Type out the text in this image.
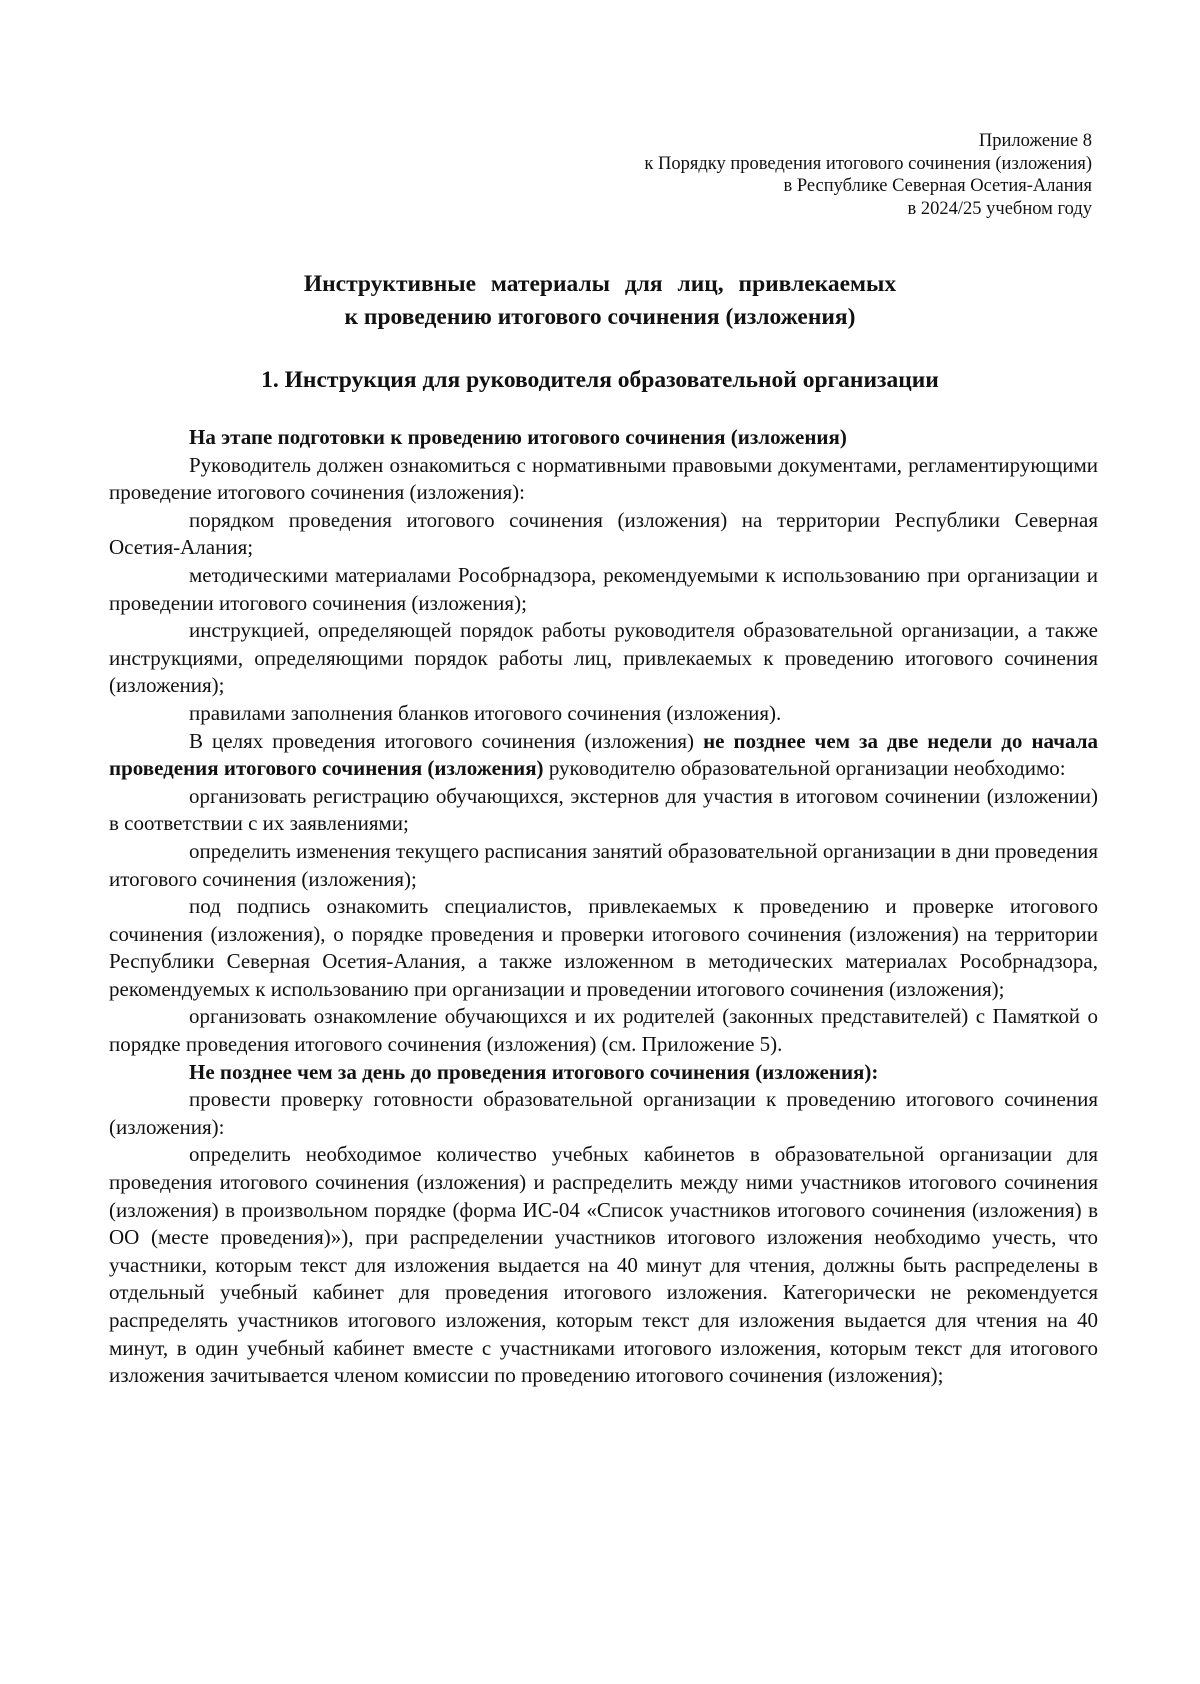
Приложение 8
к Порядку проведения итогового сочинения (изложения)
в Республике Северная Осетия-Алания
в 2024/25 учебном году
Инструктивные материалы для лиц, привлекаемых
к проведению итогового сочинения (изложения)
1. Инструкция для руководителя образовательной организации

На этапе подготовки к проведению итогового сочинения (изложения)

Руководитель должен ознакомиться с нормативными правовыми документами, регламентирующими проведение итогового сочинения (изложения):

порядком проведения итогового сочинения (изложения) на территории Республики Северная Осетия-Алания;

методическими материалами Рособрнадзора, рекомендуемыми к использованию при организации и проведении итогового сочинения (изложения);

инструкцией, определяющей порядок работы руководителя образовательной организации, а также инструкциями, определяющими порядок работы лиц, привлекаемых к проведению итогового сочинения (изложения);

правилами заполнения бланков итогового сочинения (изложения).

В целях проведения итогового сочинения (изложения) не позднее чем за две недели до начала проведения итогового сочинения (изложения) руководителю образовательной организации необходимо:

организовать регистрацию обучающихся, экстернов для участия в итоговом сочинении (изложении) в соответствии с их заявлениями;

определить изменения текущего расписания занятий образовательной организации в дни проведения итогового сочинения (изложения);

под подпись ознакомить специалистов, привлекаемых к проведению и проверке итогового сочинения (изложения), о порядке проведения и проверки итогового сочинения (изложения) на территории Республики Северная Осетия-Алания, а также изложенном в методических материалах Рособрнадзора, рекомендуемых к использованию при организации и проведении итогового сочинения (изложения);

организовать ознакомление обучающихся и их родителей (законных представителей) с Памяткой о порядке проведения итогового сочинения (изложения) (см. Приложение 5).

Не позднее чем за день до проведения итогового сочинения (изложения):

провести проверку готовности образовательной организации к проведению итогового сочинения (изложения):

определить необходимое количество учебных кабинетов в образовательной организации для проведения итогового сочинения (изложения) и распределить между ними участников итогового сочинения (изложения) в произвольном порядке (форма ИС-04 «Список участников итогового сочинения (изложения) в ОО (месте проведения)»), при распределении участников итогового изложения необходимо учесть, что участники, которым текст для изложения выдается на 40 минут для чтения, должны быть распределены в отдельный учебный кабинет для проведения итогового изложения. Категорически не рекомендуется распределять участников итогового изложения, которым текст для изложения выдается для чтения на 40 минут, в один учебный кабинет вместе с участниками итогового изложения, которым текст для итогового изложения зачитывается членом комиссии по проведению итогового сочинения (изложения);
